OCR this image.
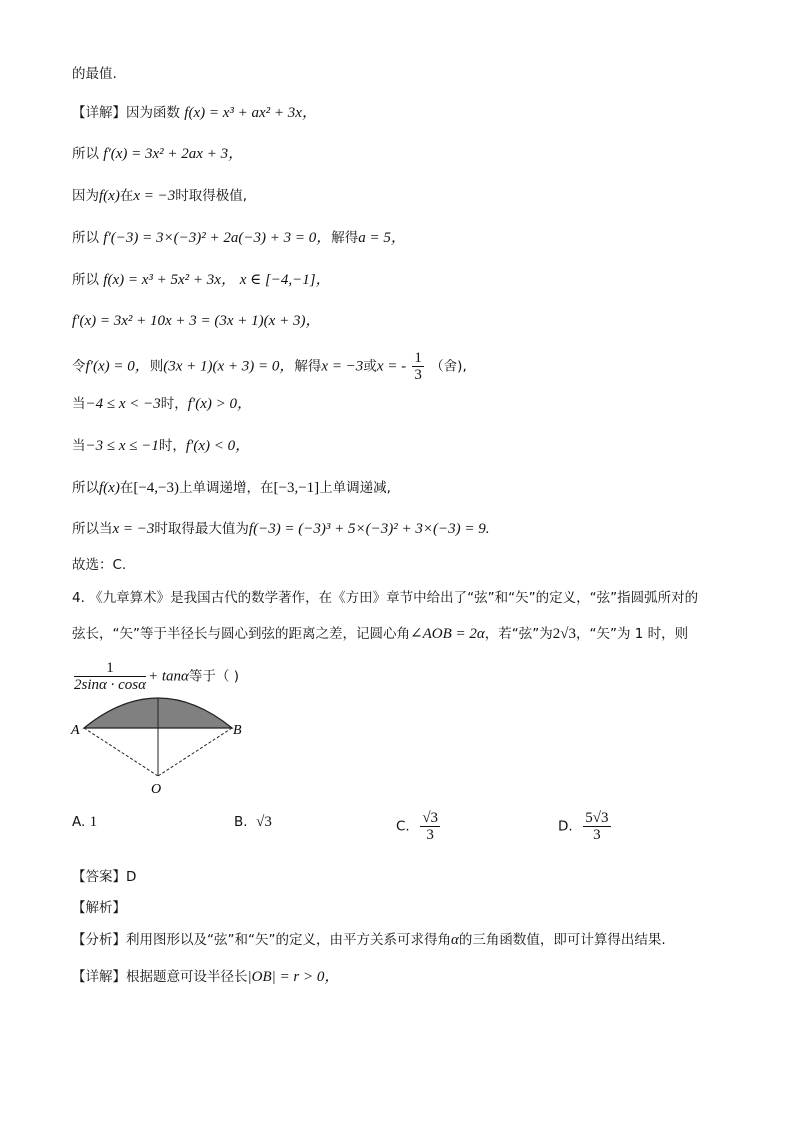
的最值.
【详解】因为函数 f(x) = x³ + ax² + 3x，
所以 f′(x) = 3x² + 2ax + 3，
因为f(x)在x = −3时取得极值,
所以 f′(−3) = 3×(−3)² + 2a(−3) + 3 = 0，解得a = 5，
所以 f(x) = x³ + 5x² + 3x， x ∈ [−4,−1]，
f′(x) = 3x² + 10x + 3 = (3x + 1)(x + 3)，
令f′(x) = 0，则(3x + 1)(x + 3) = 0，解得x = −3或x = - $\frac{1}{3}$ （舍),
当−4 ≤ x < −3时，f′(x) > 0，
当−3 ≤ x ≤ −1时，f′(x) < 0，
所以f(x)在[−4,−3)上单调递增，在[−3,−1]上单调递减,
所以当x = −3时取得最大值为f(−3) = (−3)³ + 5×(−3)² + 3×(−3) = 9.
故选：C.
4. 《九章算术》是我国古代的数学著作，在《方田》章节中给出了“弦”和“矢”的定义，“弦”指圆弧所对的
弦长，“矢”等于半径长与圆心到弦的距离之差，记圆心角∠AOB = 2α，若“弦”为2√3，“矢”为 1 时，则
$\frac{1}{2\sin\alpha \cdot \cos\alpha} + \tan\alpha$等于（ )
A	B
O
A. 1	B. √3	C. $\frac{√3}{3}$	D. $\frac{5√3}{3}$
【答案】D
【解析】
【分析】利用图形以及“弦”和“矢”的定义，由平方关系可求得角α的三角函数值，即可计算得出结果.
【详解】根据题意可设半径长|OB| = r > 0，
